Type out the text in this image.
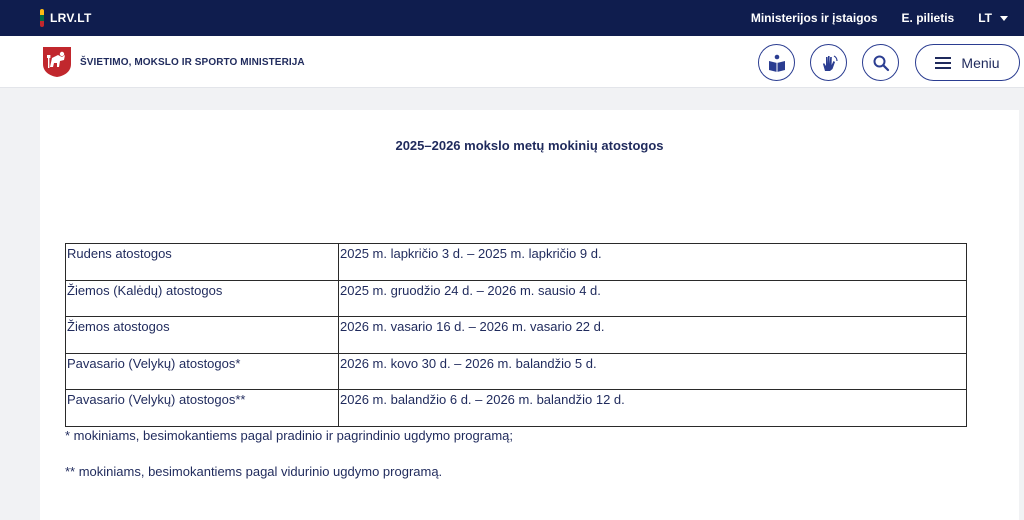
LRV.LT	Ministerijos ir įstaigos E. pilietis LT
ŠVIETIMO, MOKSLO IR SPORTO MINISTERIJA	Meniu
2025–2026 mokslo metų mokinių atostogos
Rudens atostogos	2025 m. lapkričio 3 d. – 2025 m. lapkričio 9 d.
Žiemos (Kalėdų) atostogos	2025 m. gruodžio 24 d. – 2026 m. sausio 4 d.
Žiemos atostogos	2026 m. vasario 16 d. – 2026 m. vasario 22 d.
Pavasario (Velykų) atostogos*	2026 m. kovo 30 d. – 2026 m. balandžio 5 d.
Pavasario (Velykų) atostogos**	2026 m. balandžio 6 d. – 2026 m. balandžio 12 d.
* mokiniams, besimokantiems pagal pradinio ir pagrindinio ugdymo programą;
** mokiniams, besimokantiems pagal vidurinio ugdymo programą.
